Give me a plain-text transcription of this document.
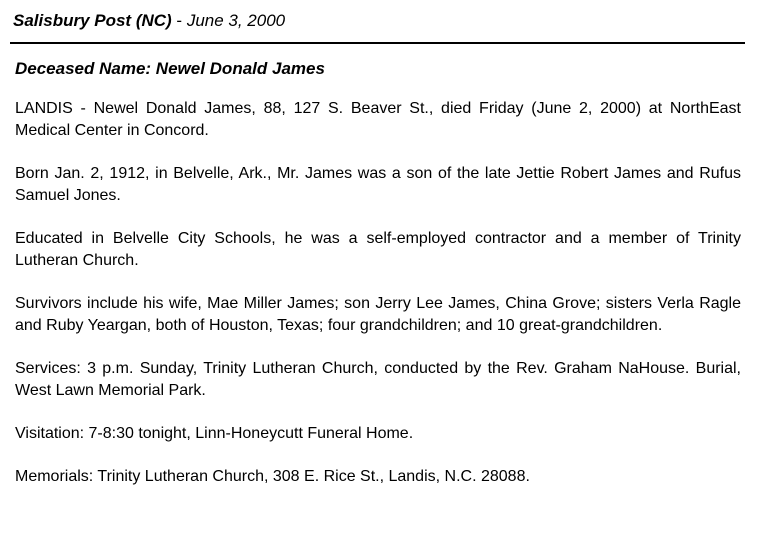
Salisbury Post (NC) - June 3, 2000
Deceased Name: Newel Donald James

LANDIS - Newel Donald James, 88, 127 S. Beaver St., died Friday (June 2, 2000) at NorthEast Medical Center in Concord.

Born Jan. 2, 1912, in Belvelle, Ark., Mr. James was a son of the late Jettie Robert James and Rufus Samuel Jones.

Educated in Belvelle City Schools, he was a self-employed contractor and a member of Trinity Lutheran Church.

Survivors include his wife, Mae Miller James; son Jerry Lee James, China Grove; sisters Verla Ragle and Ruby Yeargan, both of Houston, Texas; four grandchildren; and 10 great-grandchildren.

Services: 3 p.m. Sunday, Trinity Lutheran Church, conducted by the Rev. Graham NaHouse. Burial, West Lawn Memorial Park.

Visitation: 7-8:30 tonight, Linn-Honeycutt Funeral Home.

Memorials: Trinity Lutheran Church, 308 E. Rice St., Landis, N.C. 28088.
